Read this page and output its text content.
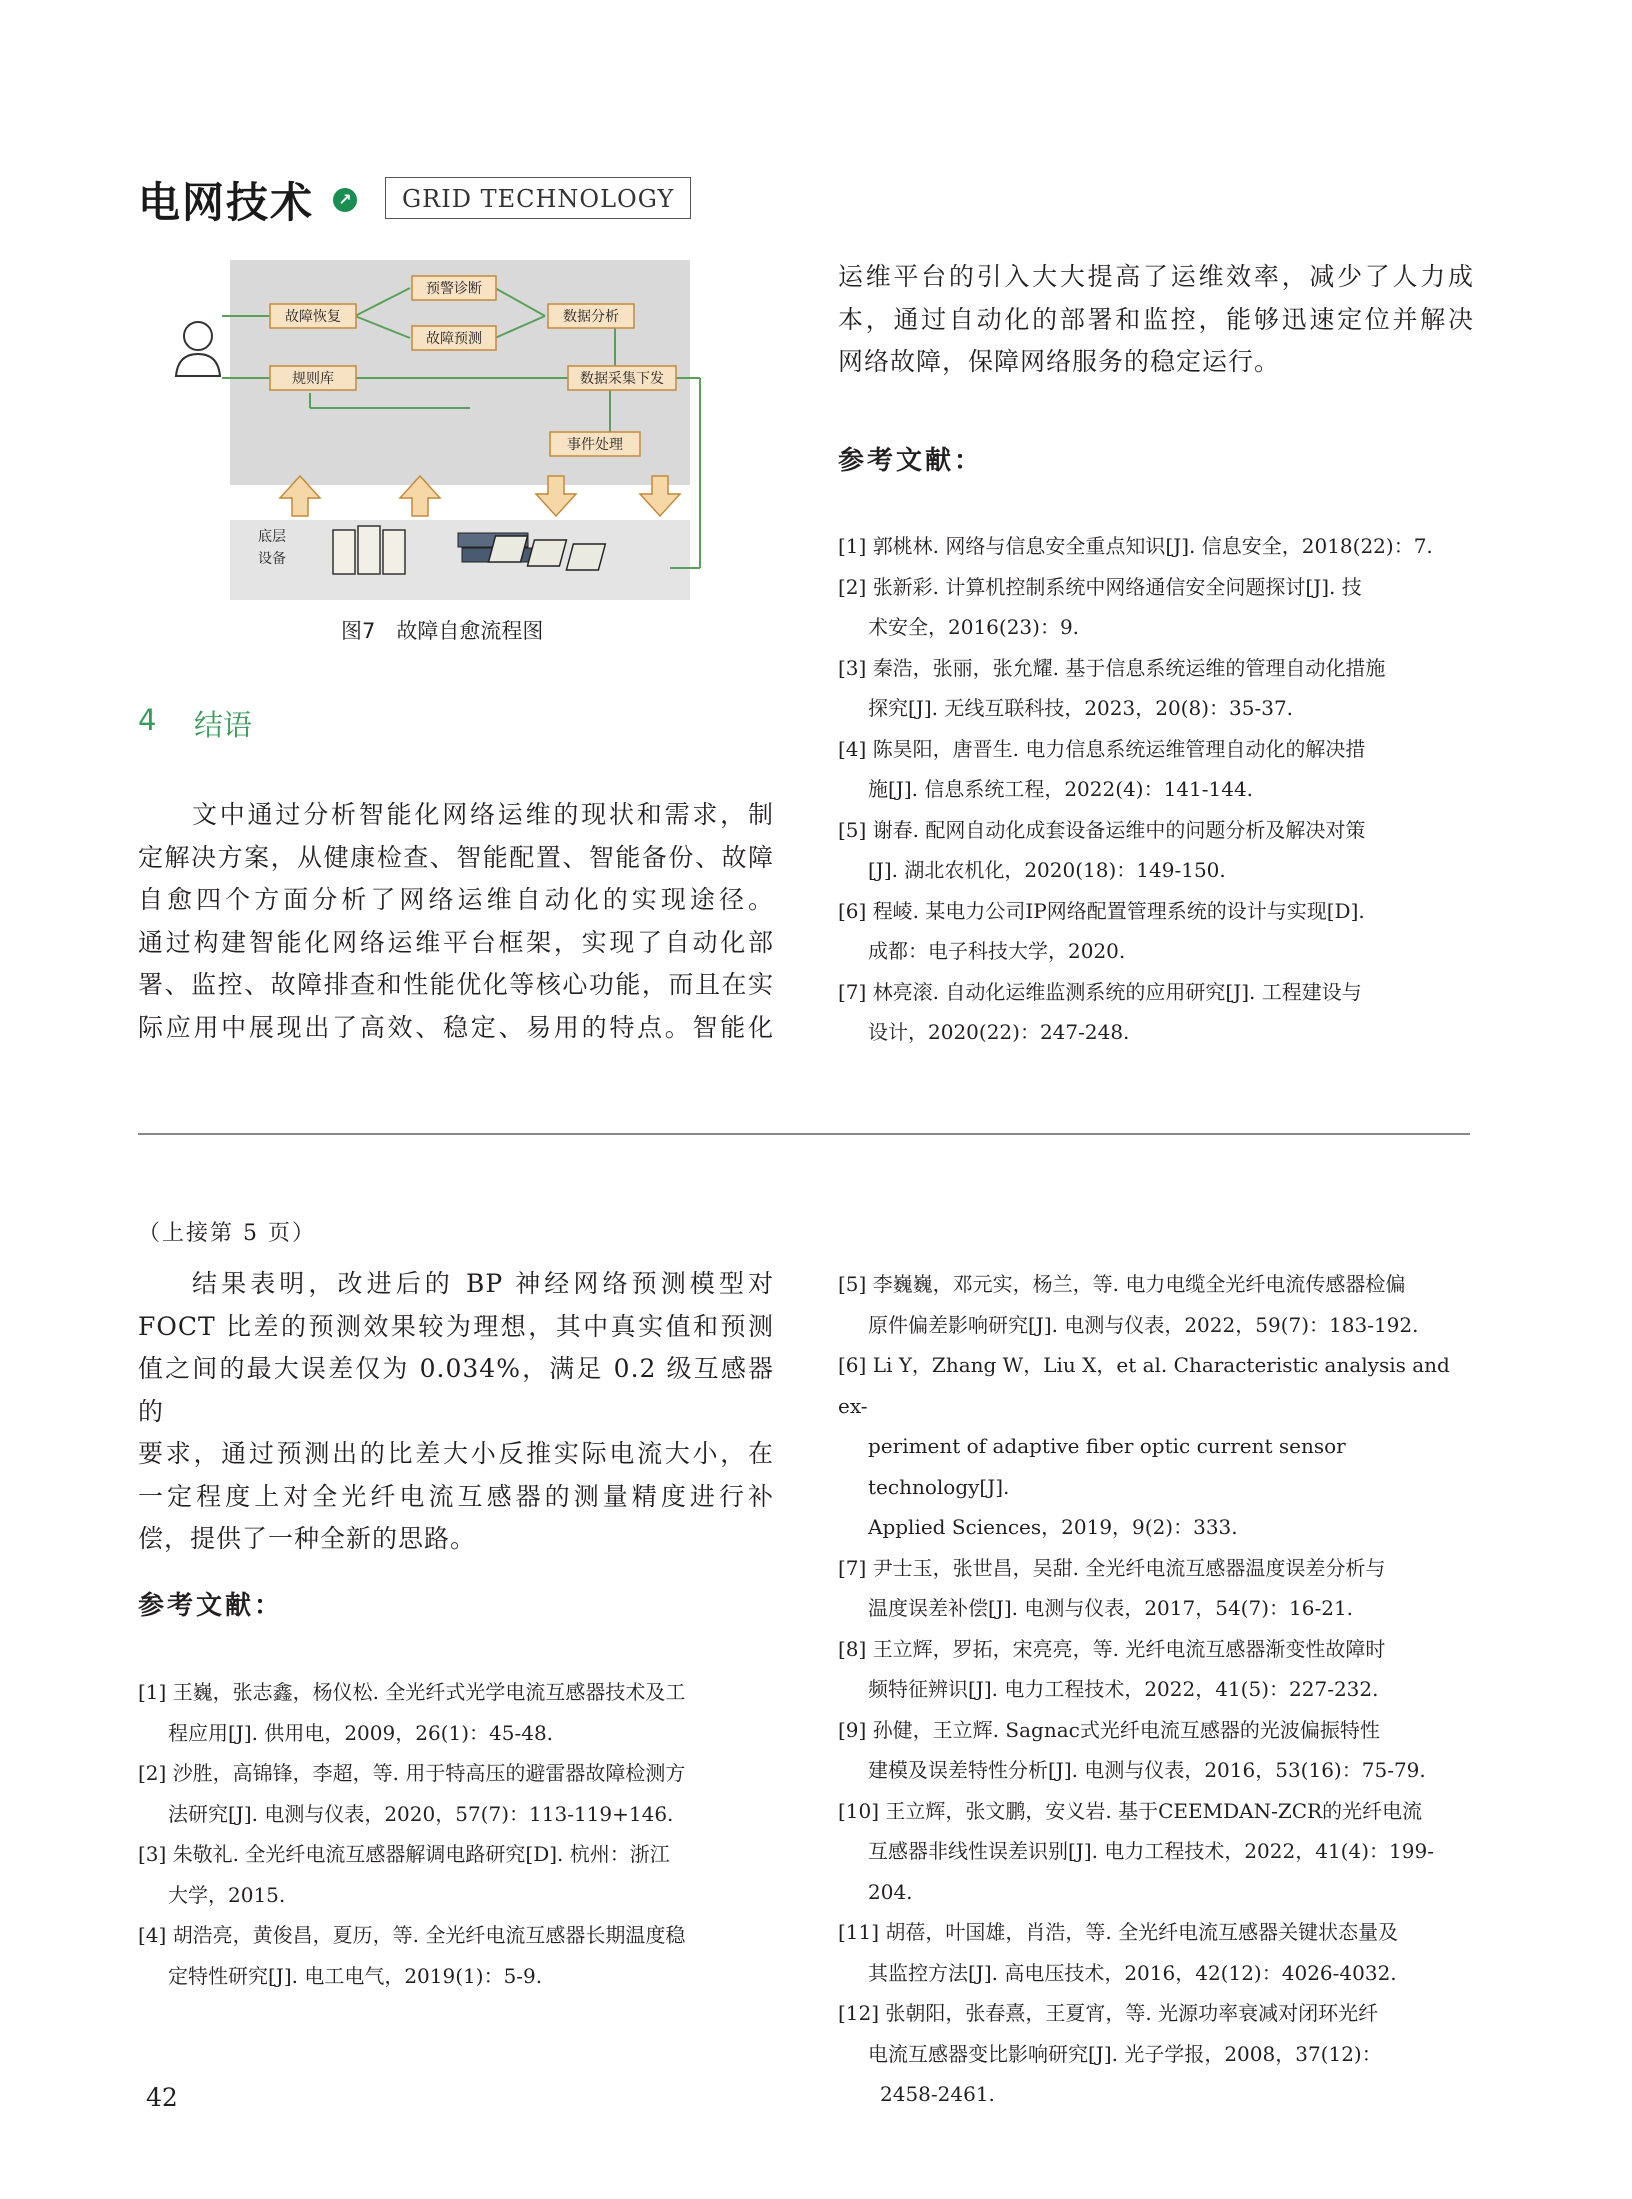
电网技术	↗	GRID TECHNOLOGY
预警诊断
故障恢复	数据分析
故障预测
规则库	数据采集下发
事件处理
底层
设备
图7　故障自愈流程图
4 结语
文中通过分析智能化网络运维的现状和需求，制
定解决方案，从健康检查、智能配置、智能备份、故障
自愈四个方面分析了网络运维自动化的实现途径。
通过构建智能化网络运维平台框架，实现了自动化部
署、监控、故障排查和性能优化等核心功能，而且在实
际应用中展现出了高效、稳定、易用的特点。智能化
运维平台的引入大大提高了运维效率，减少了人力成
本，通过自动化的部署和监控，能够迅速定位并解决
网络故障，保障网络服务的稳定运行。
参考文献：
[1] 郭桃林. 网络与信息安全重点知识[J]. 信息安全，2018(22)：7.
[2] 张新彩. 计算机控制系统中网络通信安全问题探讨[J]. 技
术安全，2016(23)：9.
[3] 秦浩，张丽，张允耀. 基于信息系统运维的管理自动化措施
探究[J]. 无线互联科技，2023，20(8)：35-37.
[4] 陈昊阳，唐晋生. 电力信息系统运维管理自动化的解决措
施[J]. 信息系统工程，2022(4)：141-144.
[5] 谢春. 配网自动化成套设备运维中的问题分析及解决对策
[J]. 湖北农机化，2020(18)：149-150.
[6] 程崚. 某电力公司IP网络配置管理系统的设计与实现[D].
成都：电子科技大学，2020.
[7] 林亮滚. 自动化运维监测系统的应用研究[J]. 工程建设与
设计，2020(22)：247-248.
（上接第 5 页）
结果表明，改进后的 BP 神经网络预测模型对
FOCT 比差的预测效果较为理想，其中真实值和预测
值之间的最大误差仅为 0.034%，满足 0.2 级互感器的
要求，通过预测出的比差大小反推实际电流大小，在
一定程度上对全光纤电流互感器的测量精度进行补
偿，提供了一种全新的思路。
参考文献：
[1] 王巍，张志鑫，杨仪松. 全光纤式光学电流互感器技术及工
程应用[J]. 供用电，2009，26(1)：45-48.
[2] 沙胜，高锦锋，李超，等. 用于特高压的避雷器故障检测方
法研究[J]. 电测与仪表，2020，57(7)：113-119+146.
[3] 朱敬礼. 全光纤电流互感器解调电路研究[D]. 杭州：浙江
大学，2015.
[4] 胡浩亮，黄俊昌，夏历，等. 全光纤电流互感器长期温度稳
定特性研究[J]. 电工电气，2019(1)：5-9.
[5] 李巍巍，邓元实，杨兰，等. 电力电缆全光纤电流传感器检偏
原件偏差影响研究[J]. 电测与仪表，2022，59(7)：183-192.
[6] Li Y，Zhang W，Liu X，et al. Characteristic analysis and ex-
periment of adaptive fiber optic current sensor technology[J].
Applied Sciences，2019，9(2)：333.
[7] 尹士玉，张世昌，吴甜. 全光纤电流互感器温度误差分析与
温度误差补偿[J]. 电测与仪表，2017，54(7)：16-21.
[8] 王立辉，罗拓，宋亮亮，等. 光纤电流互感器渐变性故障时
频特征辨识[J]. 电力工程技术，2022，41(5)：227-232.
[9] 孙健，王立辉. Sagnac式光纤电流互感器的光波偏振特性
建模及误差特性分析[J]. 电测与仪表，2016，53(16)：75-79.
[10] 王立辉，张文鹏，安义岩. 基于CEEMDAN-ZCR的光纤电流
互感器非线性误差识别[J]. 电力工程技术，2022，41(4)：199-204.
[11] 胡蓓，叶国雄，肖浩，等. 全光纤电流互感器关键状态量及
其监控方法[J]. 高电压技术，2016，42(12)：4026-4032.
[12] 张朝阳，张春熹，王夏宵，等. 光源功率衰减对闭环光纤
电流互感器变比影响研究[J]. 光子学报，2008，37(12)：
2458-2461.
42
